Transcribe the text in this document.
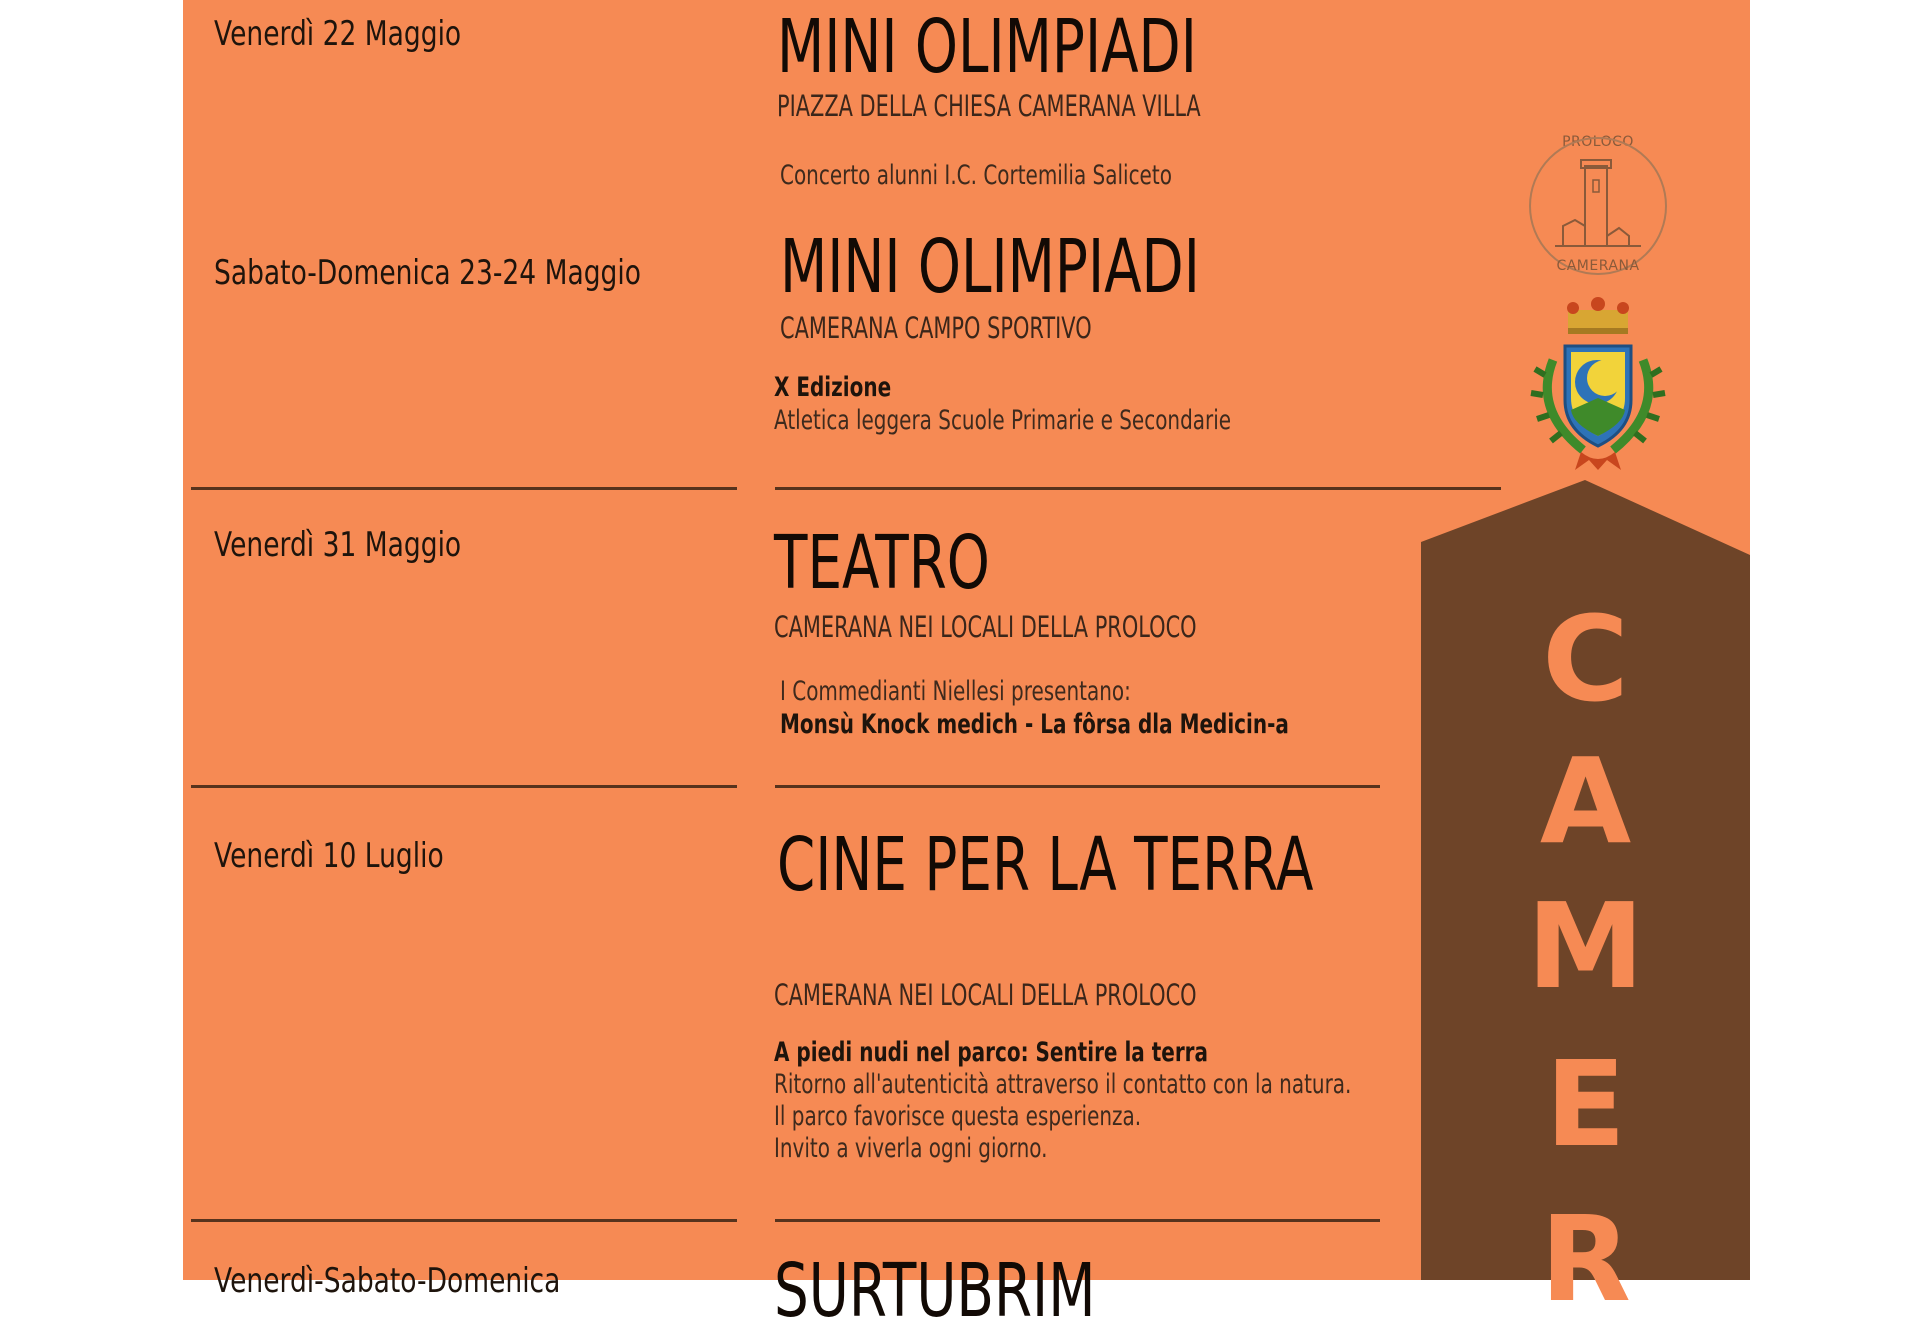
Venerdì 22 Maggio	MINI OLIMPIADI
PIAZZA DELLA CHIESA CAMERANA VILLA
Concerto alunni I.C. Cortemilia Saliceto
Sabato-Domenica 23-24 Maggio MINI OLIMPIADI
CAMERANA CAMPO SPORTIVO
X Edizione
Atletica leggera Scuole Primarie e Secondarie
Venerdì 31 Maggio	TEATRO
CAMERANA NEI LOCALI DELLA PROLOCO
I Commedianti Niellesi presentano:
Monsù Knock medich - La fôrsa dla Medicin-a
Venerdì 10 Luglio	CINE PER LA TERRA
CAMERANA NEI LOCALI DELLA PROLOCO
A piedi nudi nel parco: Sentire la terra
Ritorno all'autenticità attraverso il contatto con la natura.
Il parco favorisce questa esperienza.
Invito a viverla ogni giorno.
Venerdì-Sabato-Domenica	SURTUBRIM
PROLOCO
CAMERANA
C
A
M
E
R
